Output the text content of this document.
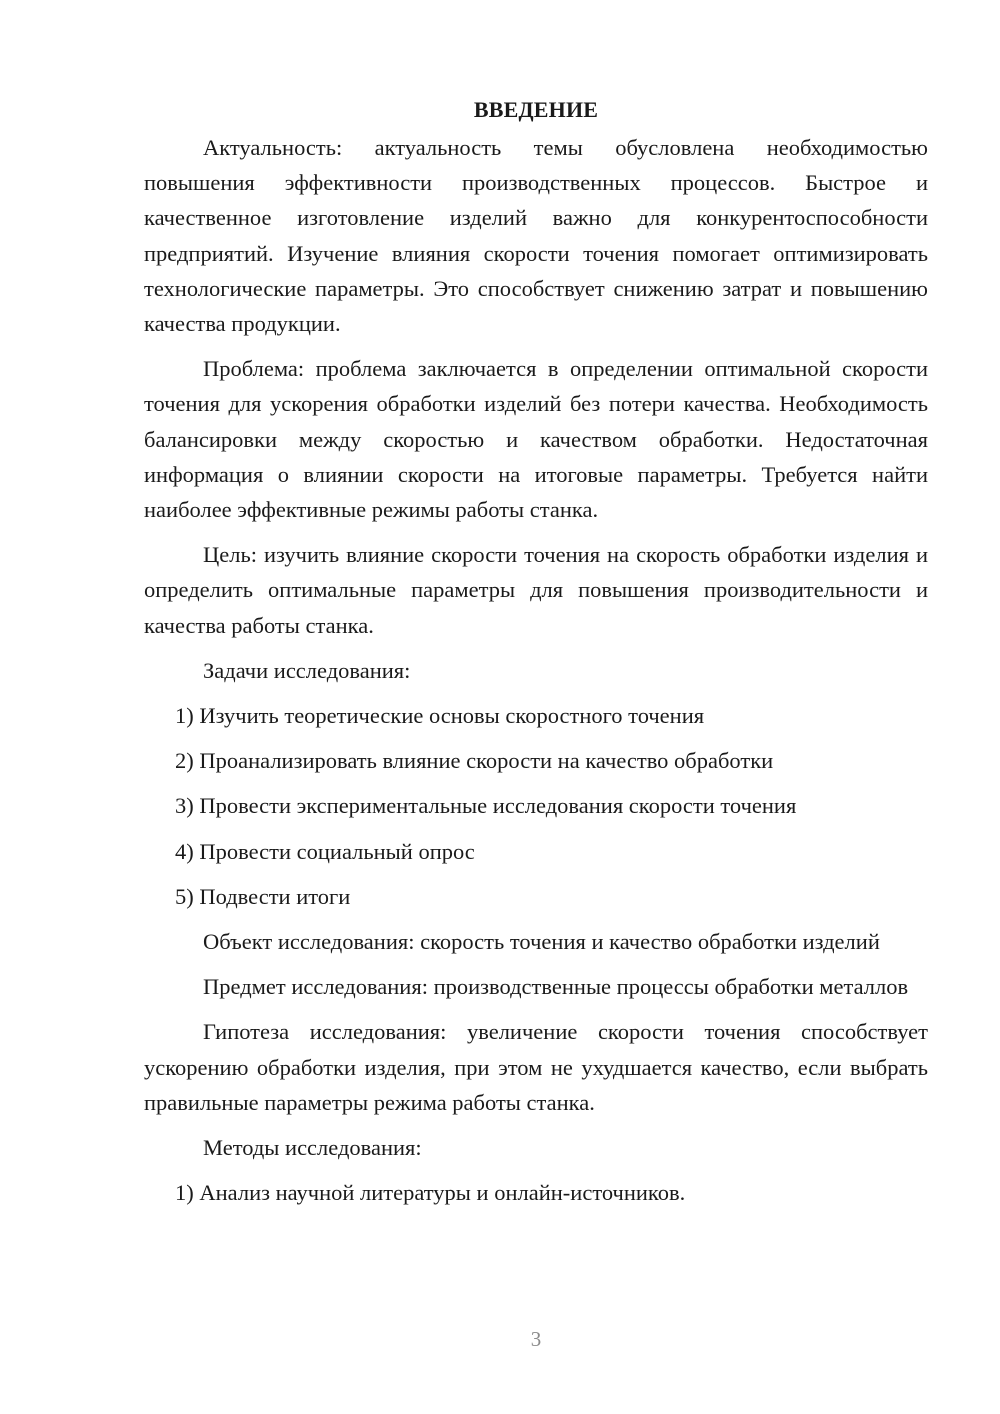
ВВЕДЕНИЕ

Актуальность: актуальность темы обусловлена необходимостью повышения эффективности производственных процессов. Быстрое и качественное изготовление изделий важно для конкурентоспособности предприятий. Изучение влияния скорости точения помогает оптимизировать технологические параметры. Это способствует снижению затрат и повышению качества продукции.

Проблема: проблема заключается в определении оптимальной скорости точения для ускорения обработки изделий без потери качества. Необходимость балансировки между скоростью и качеством обработки. Недостаточная информация о влиянии скорости на итоговые параметры. Требуется найти наиболее эффективные режимы работы станка.

Цель: изучить влияние скорости точения на скорость обработки изделия и определить оптимальные параметры для повышения производительности и качества работы станка.

Задачи исследования:

1) Изучить теоретические основы скоростного точения
2) Проанализировать влияние скорости на качество обработки
3) Провести экспериментальные исследования скорости точения
4) Провести социальный опрос
5) Подвести итоги

Объект исследования: скорость точения и качество обработки изделий

Предмет исследования: производственные процессы обработки металлов

Гипотеза исследования: увеличение скорости точения способствует ускорению обработки изделия, при этом не ухудшается качество, если выбрать правильные параметры режима работы станка.

Методы исследования:

1) Анализ научной литературы и онлайн-источников.
3
